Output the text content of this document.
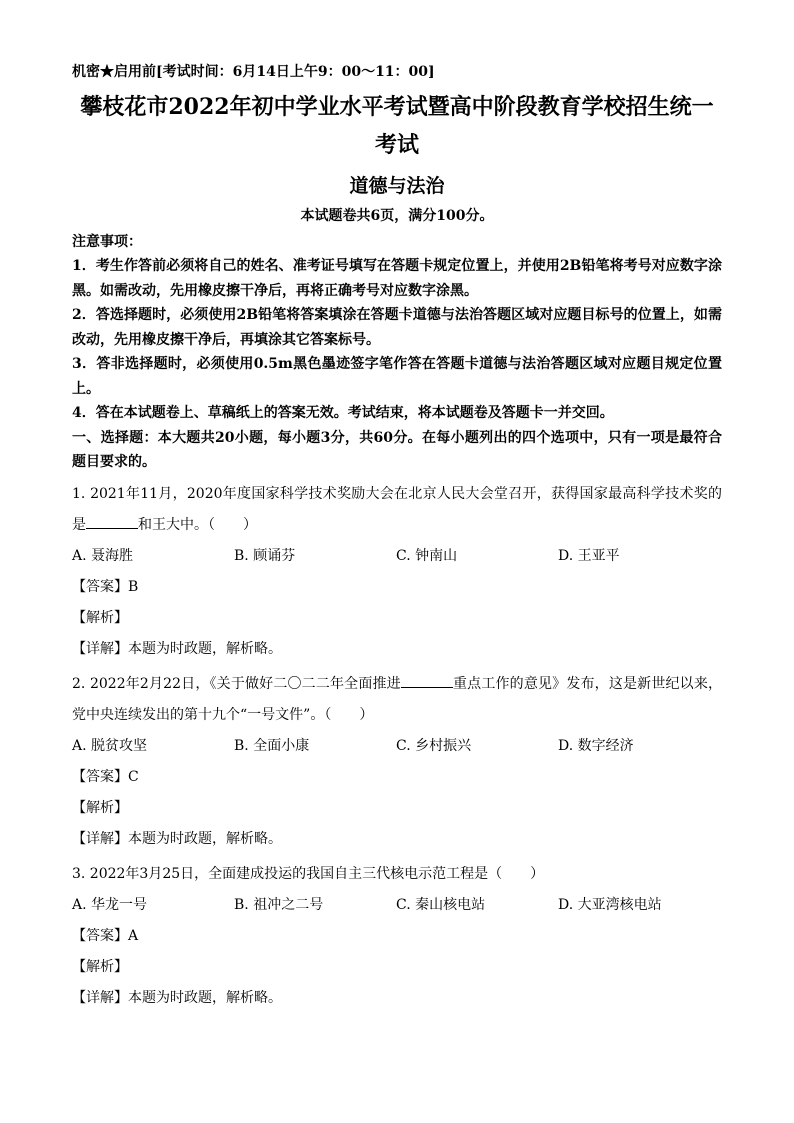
机密★启用前[考试时间：6月14日上午9：00～11：00]
攀枝花市2022年初中学业水平考试暨高中阶段教育学校招生统一考试
道德与法治
本试题卷共6页，满分100分。
注意事项：
1．考生作答前必须将自己的姓名、准考证号填写在答题卡规定位置上，并使用2B铅笔将考号对应数字涂黑。如需改动，先用橡皮擦干净后，再将正确考号对应数字涂黑。
2．答选择题时，必须使用2B铅笔将答案填涂在答题卡道德与法治答题区域对应题目标号的位置上，如需改动，先用橡皮擦干净后，再填涂其它答案标号。
3．答非选择题时，必须使用0.5m黑色墨迹签字笔作答在答题卡道德与法治答题区域对应题目规定位置上。
4．答在本试题卷上、草稿纸上的答案无效。考试结束，将本试题卷及答题卡一并交回。
一、选择题：本大题共20小题，每小题3分，共60分。在每小题列出的四个选项中，只有一项是最符合题目要求的。
1. 2021年11月，2020年度国家科学技术奖励大会在北京人民大会堂召开，获得国家最高科学技术奖的是	和王大中。（　　）
A. 聂海胜	B. 顾诵芬	C. 钟南山	D. 王亚平
【答案】B
【解析】
【详解】本题为时政题，解析略。
2. 2022年2月22日，《关于做好二〇二二年全面推进	重点工作的意见》发布，这是新世纪以来，党中央连续发出的第十九个“一号文件”。（　　）
A. 脱贫攻坚	B. 全面小康	C. 乡村振兴	D. 数字经济
【答案】C
【解析】
【详解】本题为时政题，解析略。
3. 2022年3月25日，全面建成投运的我国自主三代核电示范工程是（　　）
A. 华龙一号	B. 祖冲之二号	C. 秦山核电站	D. 大亚湾核电站
【答案】A
【解析】
【详解】本题为时政题，解析略。
